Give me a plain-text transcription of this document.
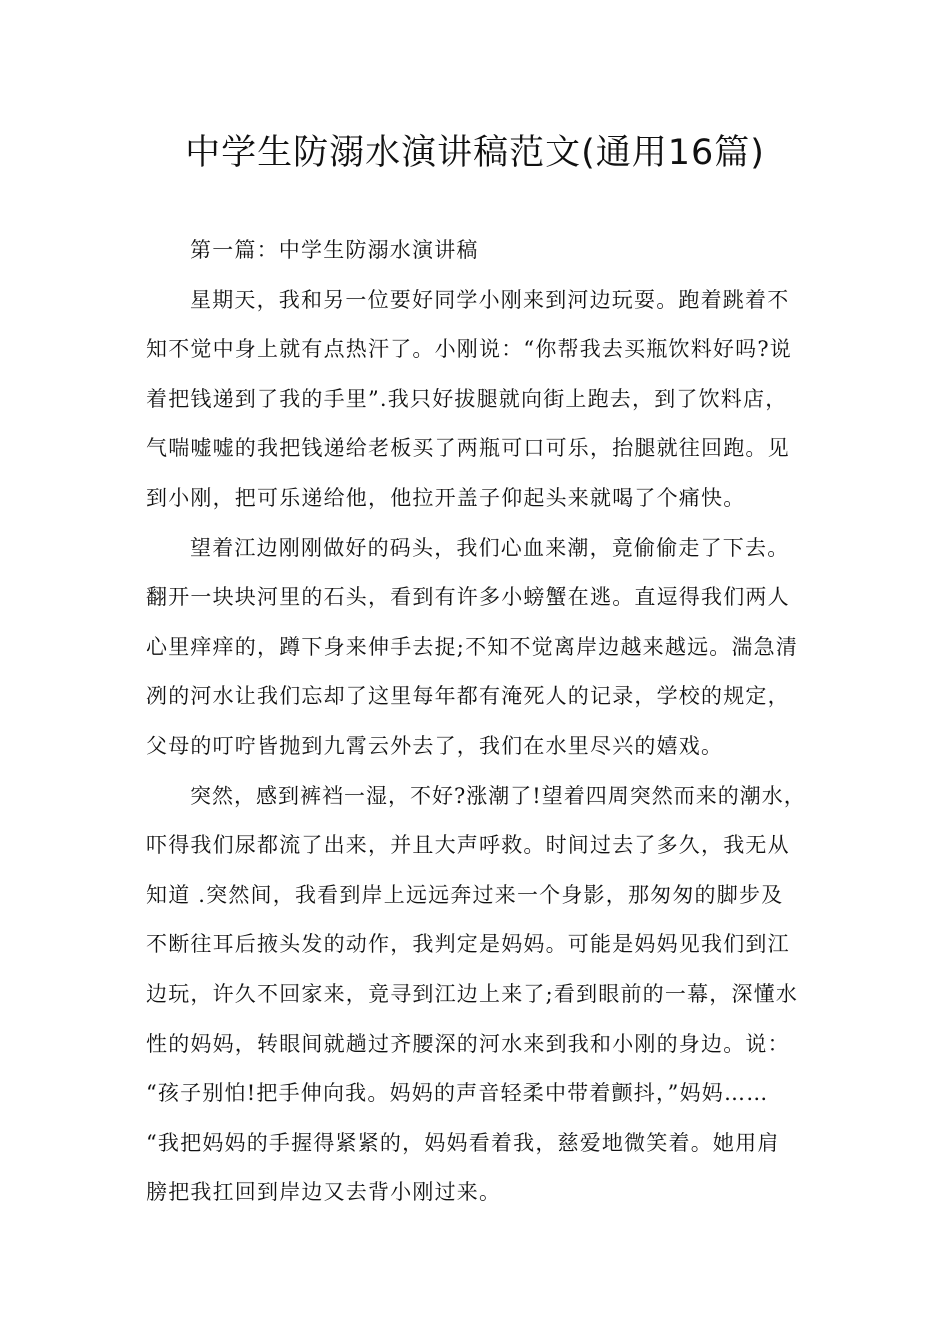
中学生防溺水演讲稿范文(通用16篇)
第一篇：中学生防溺水演讲稿
星期天，我和另一位要好同学小刚来到河边玩耍。跑着跳着不
知不觉中身上就有点热汗了。小刚说：“你帮我去买瓶饮料好吗?说
着把钱递到了我的手里”.我只好拔腿就向街上跑去，到了饮料店，
气喘嘘嘘的我把钱递给老板买了两瓶可口可乐，抬腿就往回跑。见
到小刚，把可乐递给他，他拉开盖子仰起头来就喝了个痛快。
望着江边刚刚做好的码头，我们心血来潮，竟偷偷走了下去。
翻开一块块河里的石头，看到有许多小螃蟹在逃。直逗得我们两人
心里痒痒的，蹲下身来伸手去捉;不知不觉离岸边越来越远。湍急清
冽的河水让我们忘却了这里每年都有淹死人的记录，学校的规定，
父母的叮咛皆抛到九霄云外去了，我们在水里尽兴的嬉戏。
突然，感到裤裆一湿，不好?涨潮了!望着四周突然而来的潮水，
吓得我们尿都流了出来，并且大声呼救。时间过去了多久，我无从
知道 .突然间，我看到岸上远远奔过来一个身影，那匆匆的脚步及
不断往耳后掖头发的动作，我判定是妈妈。可能是妈妈见我们到江
边玩，许久不回家来，竟寻到江边上来了;看到眼前的一幕，深懂水
性的妈妈，转眼间就趟过齐腰深的河水来到我和小刚的身边。说：
“孩子别怕!把手伸向我。妈妈的声音轻柔中带着颤抖，”妈妈……
“我把妈妈的手握得紧紧的，妈妈看着我，慈爱地微笑着。她用肩
膀把我扛回到岸边又去背小刚过来。
